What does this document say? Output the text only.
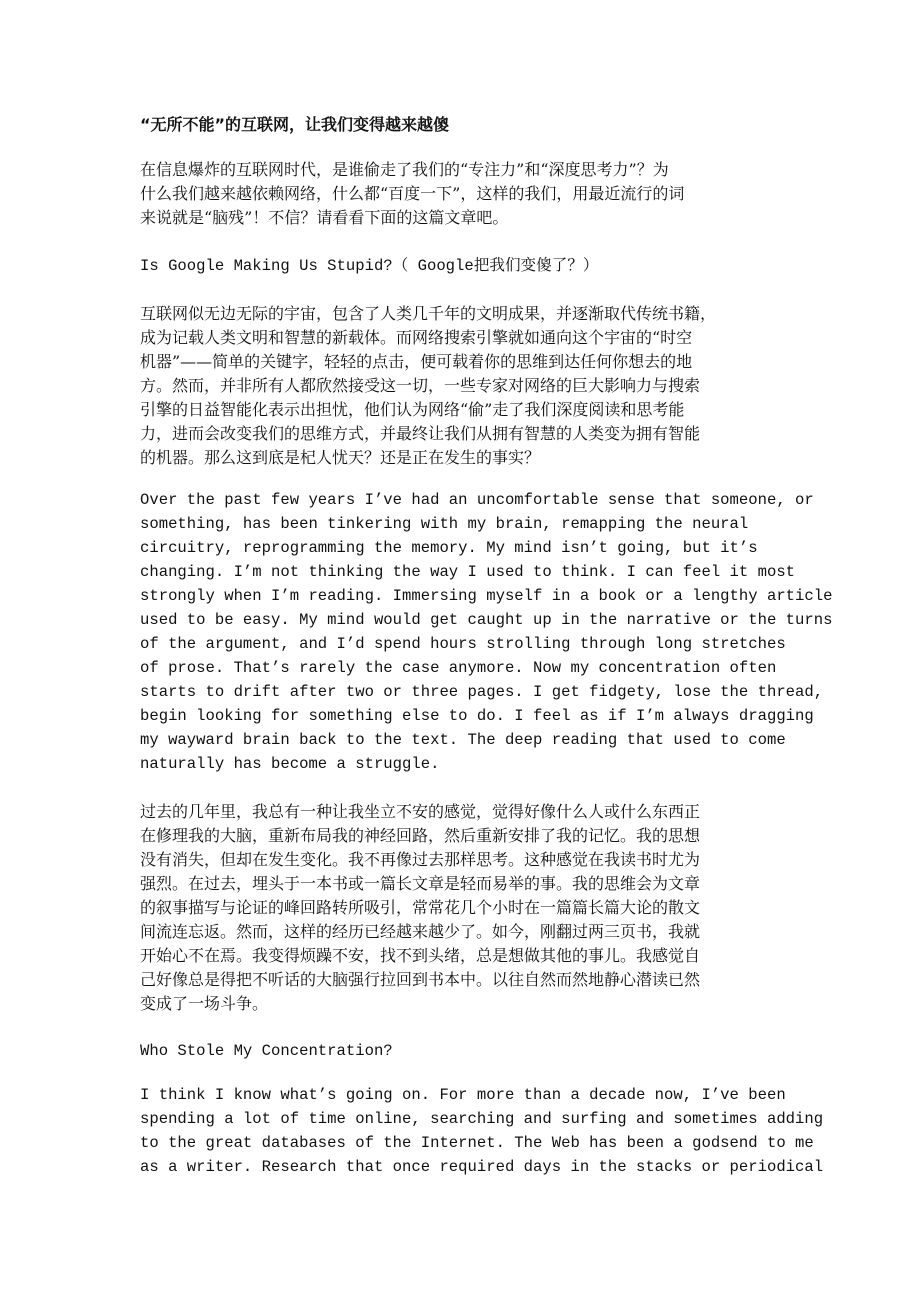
“无所不能”的互联网，让我们变得越来越傻
在信息爆炸的互联网时代，是谁偷走了我们的“专注力”和“深度思考力”？为
什么我们越来越依赖网络，什么都“百度一下”，这样的我们，用最近流行的词
来说就是“脑残”！不信？请看看下面的这篇文章吧。
Is Google Making Us Stupid?（ Google把我们变傻了？）
互联网似无边无际的宇宙，包含了人类几千年的文明成果，并逐渐取代传统书籍，
成为记载人类文明和智慧的新载体。而网络搜索引擎就如通向这个宇宙的“时空
机器”——简单的关键字，轻轻的点击，便可载着你的思维到达任何你想去的地
方。然而，并非所有人都欣然接受这一切，一些专家对网络的巨大影响力与搜索
引擎的日益智能化表示出担忧，他们认为网络“偷”走了我们深度阅读和思考能
力，进而会改变我们的思维方式，并最终让我们从拥有智慧的人类变为拥有智能
的机器。那么这到底是杞人忧天？还是正在发生的事实？
Over the past few years I’ve had an uncomfortable sense that someone, or
something, has been tinkering with my brain, remapping the neural
circuitry, reprogramming the memory. My mind isn’t going, but it’s
changing. I’m not thinking the way I used to think. I can feel it most
strongly when I’m reading. Immersing myself in a book or a lengthy article
used to be easy. My mind would get caught up in the narrative or the turns
of the argument, and I’d spend hours strolling through long stretches
of prose. That’s rarely the case anymore. Now my concentration often
starts to drift after two or three pages. I get fidgety, lose the thread,
begin looking for something else to do. I feel as if I’m always dragging
my wayward brain back to the text. The deep reading that used to come
naturally has become a struggle.
过去的几年里，我总有一种让我坐立不安的感觉，觉得好像什么人或什么东西正
在修理我的大脑，重新布局我的神经回路，然后重新安排了我的记忆。我的思想
没有消失，但却在发生变化。我不再像过去那样思考。这种感觉在我读书时尤为
强烈。在过去，埋头于一本书或一篇长文章是轻而易举的事。我的思维会为文章
的叙事描写与论证的峰回路转所吸引，常常花几个小时在一篇篇长篇大论的散文
间流连忘返。然而，这样的经历已经越来越少了。如今，刚翻过两三页书，我就
开始心不在焉。我变得烦躁不安，找不到头绪，总是想做其他的事儿。我感觉自
己好像总是得把不听话的大脑强行拉回到书本中。以往自然而然地静心潜读已然
变成了一场斗争。
Who Stole My Concentration?
I think I know what’s going on. For more than a decade now, I’ve been
spending a lot of time online, searching and surfing and sometimes adding
to the great databases of the Internet. The Web has been a godsend to me
as a writer. Research that once required days in the stacks or periodical
